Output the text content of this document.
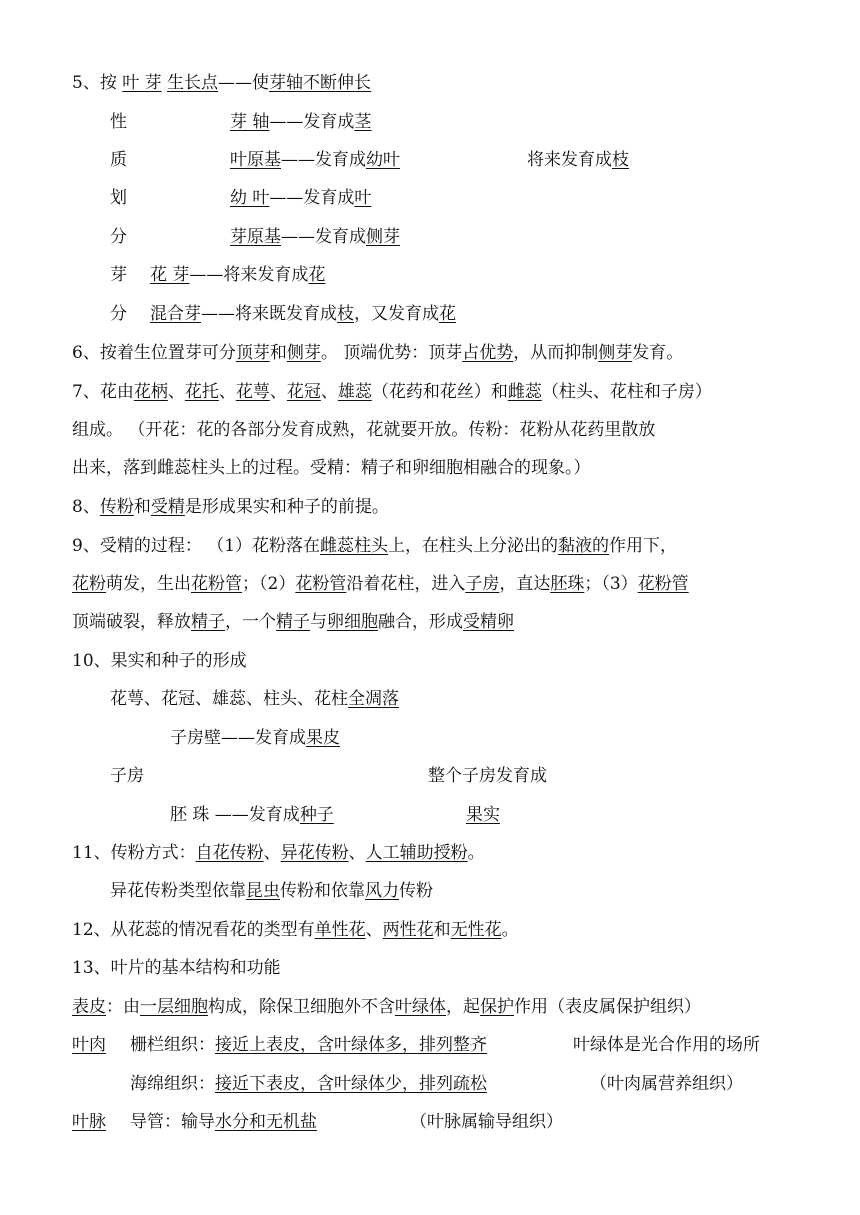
5、按 叶 芽 生长点——使芽轴不断伸长
性	芽 轴——发育成茎
质	叶原基——发育成幼叶	将来发育成枝
划	幼 叶——发育成叶
分	芽原基——发育成侧芽
芽 花 芽——将来发育成花
分 混合芽——将来既发育成枝，又发育成花
6、按着生位置芽可分顶芽和侧芽。 顶端优势：顶芽占优势，从而抑制侧芽发育。
7、花由花柄、花托、花萼、花冠、雄蕊（花药和花丝）和雌蕊（柱头、花柱和子房）
组成。 （开花：花的各部分发育成熟，花就要开放。传粉：花粉从花药里散放
出来，落到雌蕊柱头上的过程。受精：精子和卵细胞相融合的现象。）
8、传粉和受精是形成果实和种子的前提。
9、受精的过程： （1）花粉落在雌蕊柱头上，在柱头上分泌出的黏液的作用下，
花粉萌发，生出花粉管；（2）花粉管沿着花柱，进入子房，直达胚珠；（3）花粉管
顶端破裂，释放精子，一个精子与卵细胞融合，形成受精卵
10、果实和种子的形成
花萼、花冠、雄蕊、柱头、花柱全凋落
子房壁——发育成果皮
子房	整个子房发育成
胚 珠 ——发育成种子	果实
11、传粉方式：自花传粉、异花传粉、人工辅助授粉。
异花传粉类型依靠昆虫传粉和依靠风力传粉
12、从花蕊的情况看花的类型有单性花、两性花和无性花。
13、叶片的基本结构和功能
表皮：由一层细胞构成，除保卫细胞外不含叶绿体，起保护作用（表皮属保护组织）
叶肉 栅栏组织：接近上表皮，含叶绿体多，排列整齐	叶绿体是光合作用的场所
海绵组织：接近下表皮，含叶绿体少，排列疏松	（叶肉属营养组织）
叶脉 导管：输导水分和无机盐	（叶脉属输导组织）
